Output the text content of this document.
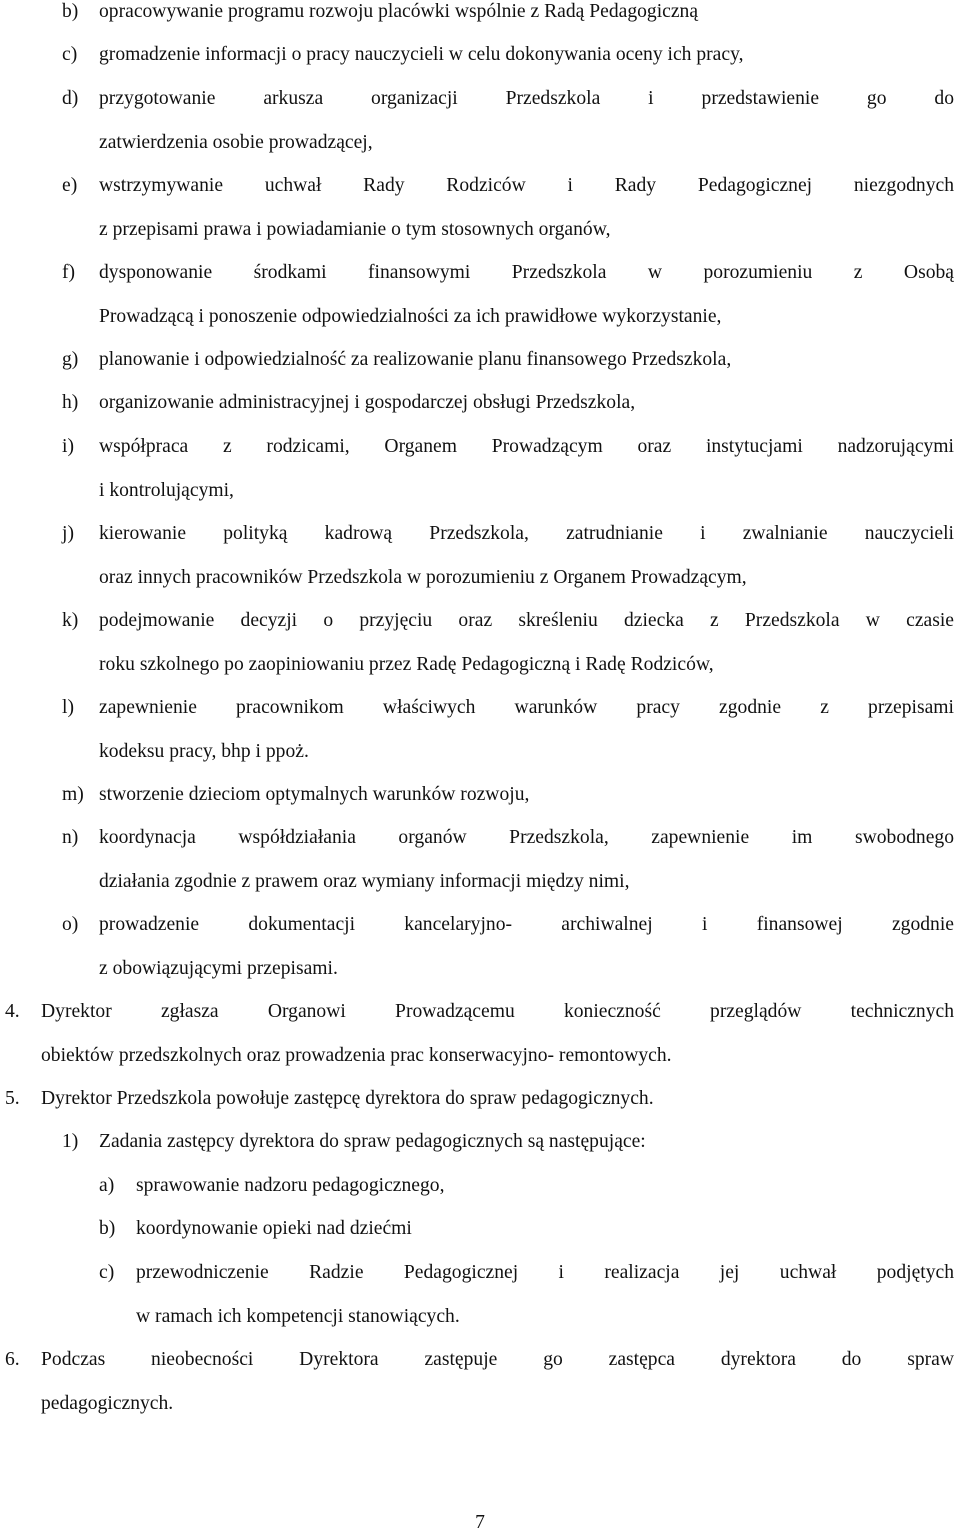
b) opracowywanie programu rozwoju placówki wspólnie z Radą Pedagogiczną
c) gromadzenie informacji o pracy nauczycieli w celu dokonywania oceny ich pracy,
d) przygotowanie arkusza organizacji Przedszkola i przedstawienie go do
zatwierdzenia osobie prowadzącej,
e) wstrzymywanie uchwał Rady Rodziców i Rady Pedagogicznej niezgodnych
z przepisami prawa i powiadamianie o tym stosownych organów,
f) dysponowanie środkami finansowymi Przedszkola w porozumieniu z Osobą
Prowadzącą i ponoszenie odpowiedzialności za ich prawidłowe wykorzystanie,
g) planowanie i odpowiedzialność za realizowanie planu finansowego Przedszkola,
h) organizowanie administracyjnej i gospodarczej obsługi Przedszkola,
i) współpraca z rodzicami, Organem Prowadzącym oraz instytucjami nadzorującymi
i kontrolującymi,
j) kierowanie polityką kadrową Przedszkola, zatrudnianie i zwalnianie nauczycieli
oraz innych pracowników Przedszkola w porozumieniu z Organem Prowadzącym,
k) podejmowanie decyzji o przyjęciu oraz skreśleniu dziecka z Przedszkola w czasie
roku szkolnego po zaopiniowaniu przez Radę Pedagogiczną i Radę Rodziców,
l) zapewnienie pracownikom właściwych warunków pracy zgodnie z przepisami
kodeksu pracy, bhp i ppoż.
m) stworzenie dzieciom optymalnych warunków rozwoju,
n) koordynacja współdziałania organów Przedszkola, zapewnienie im swobodnego
działania zgodnie z prawem oraz wymiany informacji między nimi,
o) prowadzenie dokumentacji kancelaryjno- archiwalnej i finansowej zgodnie
z obowiązującymi przepisami.
4. Dyrektor zgłasza Organowi Prowadzącemu konieczność przeglądów technicznych
obiektów przedszkolnych oraz prowadzenia prac konserwacyjno- remontowych.
5. Dyrektor Przedszkola powołuje zastępcę dyrektora do spraw pedagogicznych.
1) Zadania zastępcy dyrektora do spraw pedagogicznych są następujące:
a) sprawowanie nadzoru pedagogicznego,
b) koordynowanie opieki nad dziećmi
c) przewodniczenie Radzie Pedagogicznej i realizacja jej uchwał podjętych
w ramach ich kompetencji stanowiących.
6. Podczas nieobecności Dyrektora zastępuje go zastępca dyrektora do spraw
pedagogicznych.
7
